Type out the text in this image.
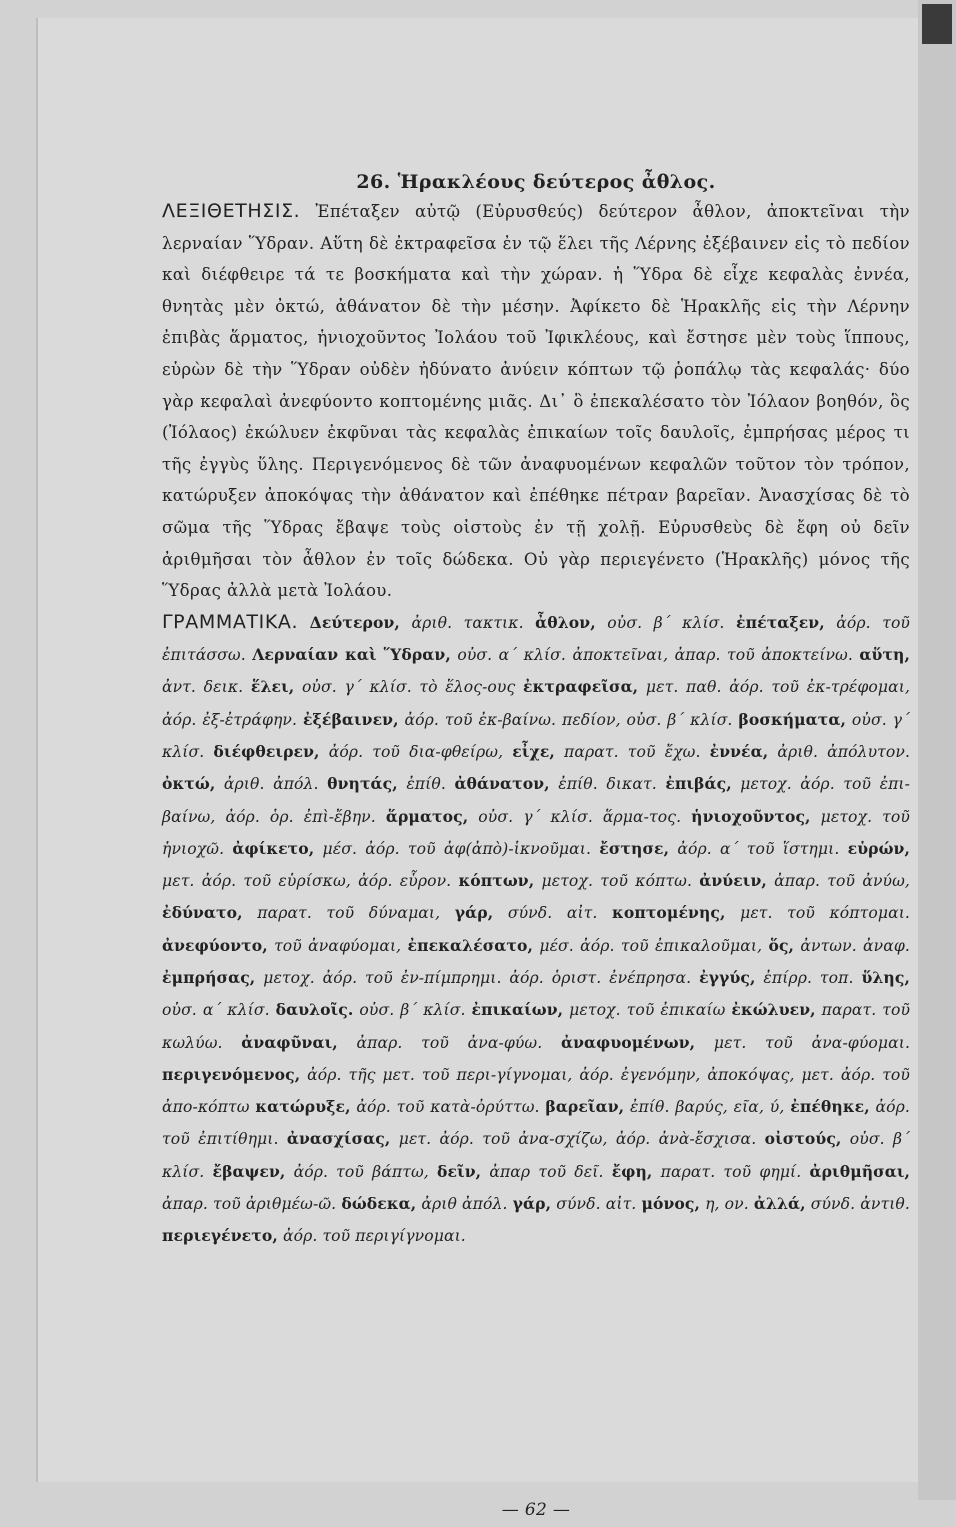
26. Ἡρακλέους δεύτερος ἆθλος.

ΛΕΞΙΘΕΤΗΣΙΣ. Ἐπέταξεν αὐτῷ (Εὐρυσθεύς) δεύτερον ἆθλον, ἀποκτεῖναι τὴν λερναίαν Ὕδραν. Αὕτη δὲ ἐκτραφεῖσα ἐν τῷ ἕλει τῆς Λέρνης ἐξέβαινεν εἰς τὸ πεδίον καὶ διέφθειρε τά τε βοσκήματα καὶ τὴν χώραν. ἡ Ὕδρα δὲ εἶχε κεφαλὰς ἐννέα, θνητὰς μὲν ὀκτώ, ἀθάνατον δὲ τὴν μέσην. Ἀφίκετο δὲ Ἡρακλῆς εἰς τὴν Λέρνην ἐπιβὰς ἅρματος, ἡνιοχοῦντος Ἰολάου τοῦ Ἰφικλέους, καὶ ἔστησε μὲν τοὺς ἵππους, εὑρὼν δὲ τὴν Ὕδραν οὐδὲν ἠδύνατο ἀνύειν κόπτων τῷ ῥοπάλῳ τὰς κεφαλάς· δύο γὰρ κεφαλαὶ ἀνεφύοντο κοπτομένης μιᾶς. Δι᾽ ὃ ἐπεκαλέσατο τὸν Ἰόλαον βοηθόν, ὃς (Ἰόλαος) ἐκώλυεν ἐκφῦναι τὰς κεφαλὰς ἐπικαίων τοῖς δαυλοῖς, ἐμπρήσας μέρος τι τῆς ἐγγὺς ὕλης. Περιγενόμενος δὲ τῶν ἀναφυομένων κεφαλῶν τοῦτον τὸν τρόπον, κατώρυξεν ἀποκόψας τὴν ἀθάνατον καὶ ἐπέθηκε πέτραν βαρεῖαν. Ἀνασχίσας δὲ τὸ σῶμα τῆς Ὕδρας ἔβαψε τοὺς οἰστοὺς ἐν τῇ χολῇ. Εὐρυσθεὺς δὲ ἔφη οὐ δεῖν ἀριθμῆσαι τὸν ἆθλον ἐν τοῖς δώδεκα. Οὐ γὰρ περιεγένετο (Ἡρακλῆς) μόνος τῆς Ὕδρας ἀλλὰ μετὰ Ἰολάου.

ΓΡΑΜΜΑΤΙΚΑ. Δεύτερον, ἀριθ. τακτικ. ἆθλον, οὐσ. β´ κλίσ. ἐπέταξεν, ἀόρ. τοῦ ἐπιτάσσω. Λερναίαν καὶ Ὕδραν, οὐσ. α´ κλίσ. ἀποκτεῖναι, ἀπαρ. τοῦ ἀποκτείνω. αὕτη, ἀντ. δεικ. ἕλει, οὐσ. γ´ κλίσ. τὸ ἕλος-ους ἐκτραφεῖσα, μετ. παθ. ἀόρ. τοῦ ἐκ-τρέφομαι, ἀόρ. ἐξ-ἐτράφην. ἐξέβαινεν, ἀόρ. τοῦ ἐκ-βαίνω. πεδίον, οὐσ. β´ κλίσ. βοσκήματα, οὐσ. γ´ κλίσ. διέφθειρεν, ἀόρ. τοῦ δια-φθείρω, εἶχε, παρατ. τοῦ ἔχω. ἐννέα, ἀριθ. ἀπόλυτον. ὀκτώ, ἀριθ. ἀπόλ. θνητάς, ἐπίθ. ἀθάνατον, ἐπίθ. δικατ. ἐπιβάς, μετοχ. ἀόρ. τοῦ ἐπι-βαίνω, ἀόρ. ὁρ. ἐπὶ-ἔβην. ἅρματος, οὐσ. γ´ κλίσ. ἅρμα-τος. ἡνιοχοῦντος, μετοχ. τοῦ ἡνιοχῶ. ἀφίκετο, μέσ. ἀόρ. τοῦ ἀφ(ἀπὸ)-ἱκνοῦμαι. ἔστησε, ἀόρ. α´ τοῦ ἵστημι. εὑρών, μετ. ἀόρ. τοῦ εὑρίσκω, ἀόρ. εὗρον. κόπτων, μετοχ. τοῦ κόπτω. ἀνύειν, ἀπαρ. τοῦ ἀνύω, ἐδύνατο, παρατ. τοῦ δύναμαι, γάρ, σύνδ. αἰτ. κοπτομένης, μετ. τοῦ κόπτομαι. ἀνεφύοντο, τοῦ ἀναφύομαι, ἐπεκαλέσατο, μέσ. ἀόρ. τοῦ ἐπικαλοῦμαι, ὅς, ἀντων. ἀναφ. ἐμπρήσας, μετοχ. ἀόρ. τοῦ ἐν-πίμπρημι. ἀόρ. ὁριστ. ἐνέπρησα. ἐγγύς, ἐπίρρ. τοπ. ὕλης, οὐσ. α´ κλίσ. δαυλοῖς. οὐσ. β´ κλίσ. ἐπικαίων, μετοχ. τοῦ ἐπικαίω ἐκώλυεν, παρατ. τοῦ κωλύω. ἀναφῦναι, ἀπαρ. τοῦ ἀνα-φύω. ἀναφυομένων, μετ. τοῦ ἀνα-φύομαι. περιγενόμενος, ἀόρ. τῆς μετ. τοῦ περι-γίγνομαι, ἀόρ. ἐγενόμην, ἀποκόψας, μετ. ἀόρ. τοῦ ἀπο-κόπτω κατώρυξε, ἀόρ. τοῦ κατὰ-ὀρύττω. βαρεῖαν, ἐπίθ. βαρύς, εῖα, ύ, ἐπέθηκε, ἀόρ. τοῦ ἐπιτίθημι. ἀνασχίσας, μετ. ἀόρ. τοῦ ἀνα-σχίζω, ἀόρ. ἀνὰ-ἔσχισα. οἰστούς, οὐσ. β´ κλίσ. ἔβαψεν, ἀόρ. τοῦ βάπτω, δεῖν, ἀπαρ τοῦ δεῖ. ἔφη, παρατ. τοῦ φημί. ἀριθμῆσαι, ἀπαρ. τοῦ ἀριθμέω-ῶ. δώδεκα, ἀριθ ἀπόλ. γάρ, σύνδ. αἰτ. μόνος, η, ον. ἀλλά, σύνδ. ἀντιθ. περιεγένετο, ἀόρ. τοῦ περιγίγνομαι.

— 62 —
